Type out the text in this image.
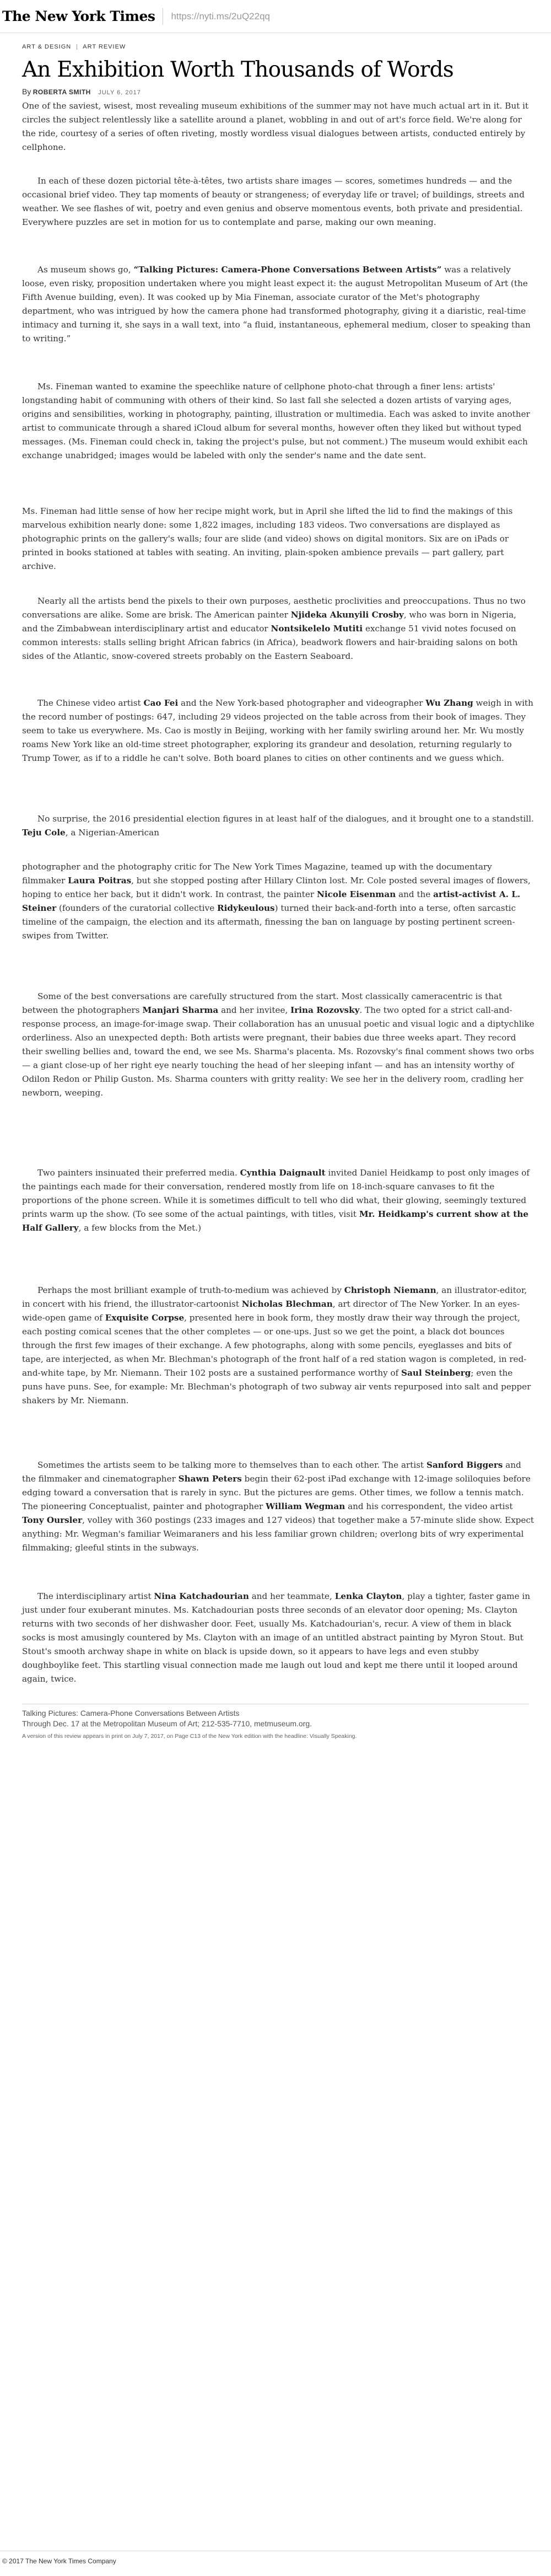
The New York Times	https://nyti.ms/2uQ22qq
ART & DESIGN ART REVIEW
An Exhibition Worth Thousands of Words
By ROBERTA SMITH JULY 6, 2017

One of the saviest, wisest, most revealing museum exhibitions of the summer may not have much actual art in it. But it circles the subject relentlessly like a satellite around a planet, wobbling in and out of art's force field. We're along for the ride, courtesy of a series of often riveting, mostly wordless visual dialogues between artists, conducted entirely by cellphone.

In each of these dozen pictorial tête-à-têtes, two artists share images — scores, sometimes hundreds — and the occasional brief video. They tap moments of beauty or strangeness; of everyday life or travel; of buildings, streets and weather. We see flashes of wit, poetry and even genius and observe momentous events, both private and presidential. Everywhere puzzles are set in motion for us to contemplate and parse, making our own meaning.

As museum shows go, “Talking Pictures: Camera-Phone Conversations Between Artists” was a relatively loose, even risky, proposition undertaken where you might least expect it: the august Metropolitan Museum of Art (the Fifth Avenue building, even). It was cooked up by Mia Fineman, associate curator of the Met's photography department, who was intrigued by how the camera phone had transformed photography, giving it a diaristic, real-time intimacy and turning it, she says in a wall text, into “a fluid, instantaneous, ephemeral medium, closer to speaking than to writing.”

Ms. Fineman wanted to examine the speechlike nature of cellphone photo-chat through a finer lens: artists' longstanding habit of communing with others of their kind. So last fall she selected a dozen artists of varying ages, origins and sensibilities, working in photography, painting, illustration or multimedia. Each was asked to invite another artist to communicate through a shared iCloud album for several months, however often they liked but without typed messages. (Ms. Fineman could check in, taking the project's pulse, but not comment.) The museum would exhibit each exchange unabridged; images would be labeled with only the sender's name and the date sent.

Ms. Fineman had little sense of how her recipe might work, but in April she lifted the lid to find the makings of this marvelous exhibition nearly done: some 1,822 images, including 183 videos. Two conversations are displayed as photographic prints on the gallery's walls; four are slide (and video) shows on digital monitors. Six are on iPads or printed in books stationed at tables with seating. An inviting, plain-spoken ambience prevails — part gallery, part archive.

Nearly all the artists bend the pixels to their own purposes, aesthetic proclivities and preoccupations. Thus no two conversations are alike. Some are brisk. The American painter Njideka Akunyili Crosby, who was born in Nigeria, and the Zimbabwean interdisciplinary artist and educator Nontsikelelo Mutiti exchange 51 vivid notes focused on common interests: stalls selling bright African fabrics (in Africa), beadwork flowers and hair-braiding salons on both sides of the Atlantic, snow-covered streets probably on the Eastern Seaboard.

The Chinese video artist Cao Fei and the New York-based photographer and videographer Wu Zhang weigh in with the record number of postings: 647, including 29 videos projected on the table across from their book of images. They seem to take us everywhere. Ms. Cao is mostly in Beijing, working with her family swirling around her. Mr. Wu mostly roams New York like an old-time street photographer, exploring its grandeur and desolation, returning regularly to Trump Tower, as if to a riddle he can't solve. Both board planes to cities on other continents and we guess which.

No surprise, the 2016 presidential election figures in at least half of the dialogues, and it brought one to a standstill. Teju Cole, a Nigerian-American

photographer and the photography critic for The New York Times Magazine, teamed up with the documentary filmmaker Laura Poitras, but she stopped posting after Hillary Clinton lost. Mr. Cole posted several images of flowers, hoping to entice her back, but it didn't work. In contrast, the painter Nicole Eisenman and the artist-activist A. L. Steiner (founders of the curatorial collective Ridykeulous) turned their back-and-forth into a terse, often sarcastic timeline of the campaign, the election and its aftermath, finessing the ban on language by posting pertinent screen-swipes from Twitter.

Some of the best conversations are carefully structured from the start. Most classically cameracentric is that between the photographers Manjari Sharma and her invitee, Irina Rozovsky. The two opted for a strict call-and-response process, an image-for-image swap. Their collaboration has an unusual poetic and visual logic and a diptychlike orderliness. Also an unexpected depth: Both artists were pregnant, their babies due three weeks apart. They record their swelling bellies and, toward the end, we see Ms. Sharma's placenta. Ms. Rozovsky's final comment shows two orbs — a giant close-up of her right eye nearly touching the head of her sleeping infant — and has an intensity worthy of Odilon Redon or Philip Guston. Ms. Sharma counters with gritty reality: We see her in the delivery room, cradling her newborn, weeping.

Two painters insinuated their preferred media. Cynthia Daignault invited Daniel Heidkamp to post only images of the paintings each made for their conversation, rendered mostly from life on 18-inch-square canvases to fit the proportions of the phone screen. While it is sometimes difficult to tell who did what, their glowing, seemingly textured prints warm up the show. (To see some of the actual paintings, with titles, visit Mr. Heidkamp's current show at the Half Gallery, a few blocks from the Met.)

Perhaps the most brilliant example of truth-to-medium was achieved by Christoph Niemann, an illustrator-editor, in concert with his friend, the illustrator-cartoonist Nicholas Blechman, art director of The New Yorker. In an eyes-wide-open game of Exquisite Corpse, presented here in book form, they mostly draw their way through the project, each posting comical scenes that the other completes — or one-ups. Just so we get the point, a black dot bounces through the first few images of their exchange. A few photographs, along with some pencils, eyeglasses and bits of tape, are interjected, as when Mr. Blechman's photograph of the front half of a red station wagon is completed, in red-and-white tape, by Mr. Niemann. Their 102 posts are a sustained performance worthy of Saul Steinberg; even the puns have puns. See, for example: Mr. Blechman's photograph of two subway air vents repurposed into salt and pepper shakers by Mr. Niemann.

Sometimes the artists seem to be talking more to themselves than to each other. The artist Sanford Biggers and the filmmaker and cinematographer Shawn Peters begin their 62-post iPad exchange with 12-image soliloquies before edging toward a conversation that is rarely in sync. But the pictures are gems. Other times, we follow a tennis match. The pioneering Conceptualist, painter and photographer William Wegman and his correspondent, the video artist Tony Oursler, volley with 360 postings (233 images and 127 videos) that together make a 57-minute slide show. Expect anything: Mr. Wegman's familiar Weimaraners and his less familiar grown children; overlong bits of wry experimental filmmaking; gleeful stints in the subways.

The interdisciplinary artist Nina Katchadourian and her teammate, Lenka Clayton, play a tighter, faster game in just under four exuberant minutes. Ms. Katchadourian posts three seconds of an elevator door opening; Ms. Clayton returns with two seconds of her dishwasher door. Feet, usually Ms. Katchadourian's, recur. A view of them in black socks is most amusingly countered by Ms. Clayton with an image of an untitled abstract painting by Myron Stout. But Stout's smooth archway shape in white on black is upside down, so it appears to have legs and even stubby doughboylike feet. This startling visual connection made me laugh out loud and kept me there until it looped around again, twice.

Talking Pictures: Camera-Phone Conversations Between Artists
Through Dec. 17 at the Metropolitan Museum of Art; 212-535-7710, metmuseum.org.
A version of this review appears in print on July 7, 2017, on Page C13 of the New York edition with the headline: Visually Speaking.
© 2017 The New York Times Company
